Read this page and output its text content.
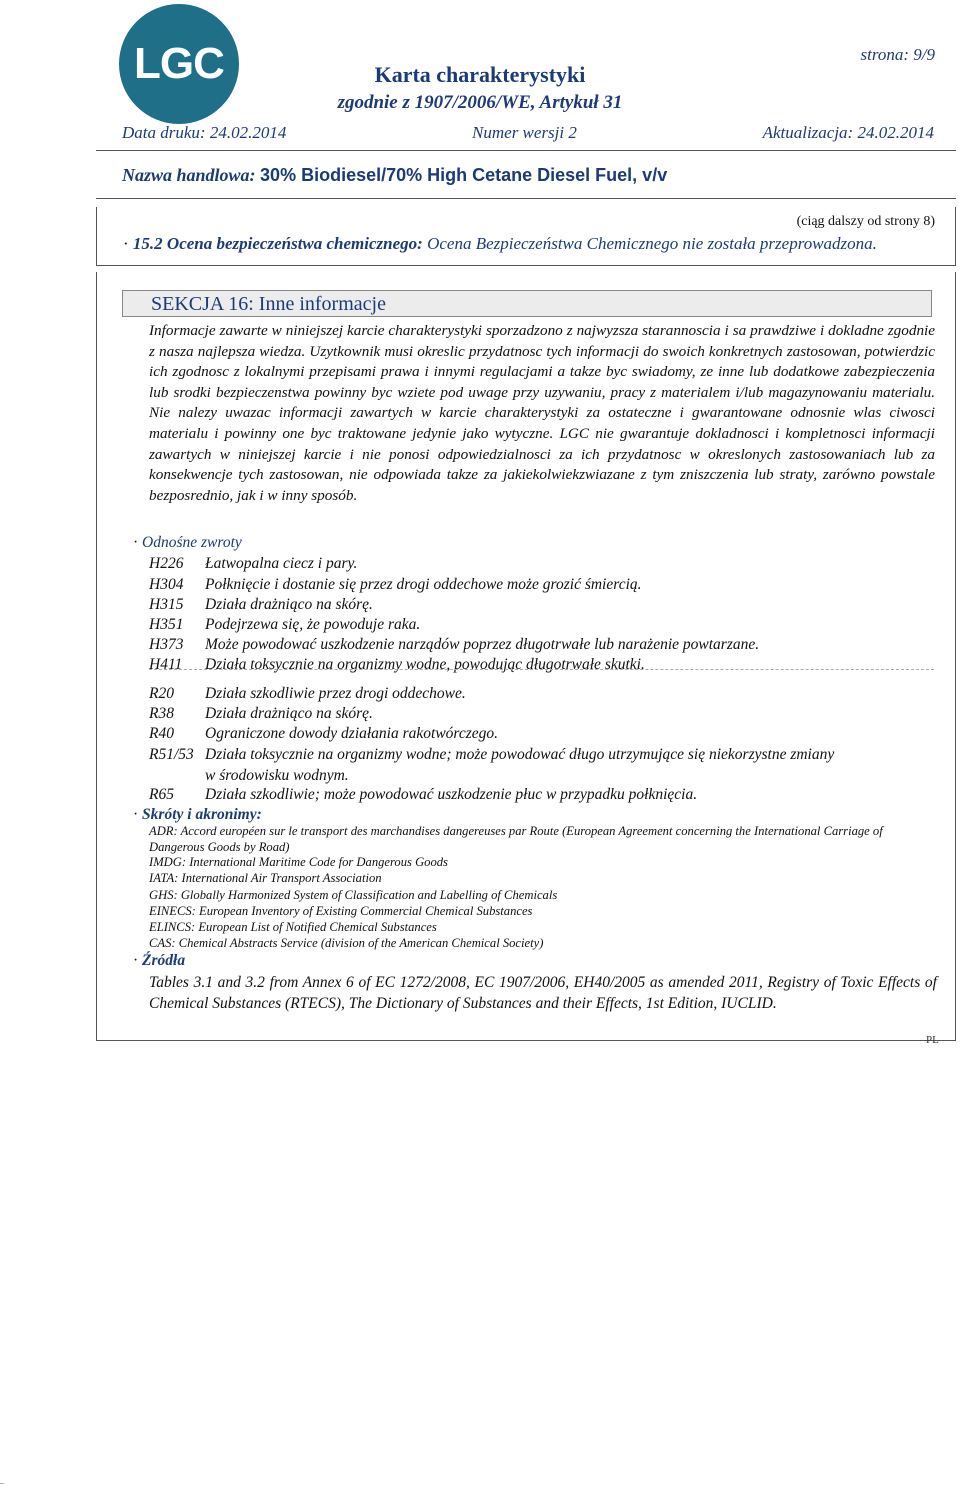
LGC	strona: 9/9
Karta charakterystyki
zgodnie z 1907/2006/WE, Artykuł 31
Data druku: 24.02.2014	Numer wersji 2	Aktualizacja: 24.02.2014
Nazwa handlowa: 30% Biodiesel/70% High Cetane Diesel Fuel, v/v
(ciąg dalszy od strony 8)
· 15.2 Ocena bezpieczeństwa chemicznego: Ocena Bezpieczeństwa Chemicznego nie została przeprowadzona.
SEKCJA 16: Inne informacje
Informacje zawarte w niniejszej karcie charakterystyki sporzadzono z najwyzsza starannoscia i sa prawdziwe i dokladne zgodnie z nasza najlepsza wiedza. Uzytkownik musi okreslic przydatnosc tych informacji do swoich konkretnych zastosowan, potwierdzic ich zgodnosc z lokalnymi przepisami prawa i innymi regulacjami a takze byc swiadomy, ze inne lub dodatkowe zabezpieczenia lub srodki bezpieczenstwa powinny byc wziete pod uwage przy uzywaniu, pracy z materialem i/lub magazynowaniu materialu. Nie nalezy uwazac informacji zawartych w karcie charakterystyki za ostateczne i gwarantowane odnosnie wlas ciwosci materialu i powinny one byc traktowane jedynie jako wytyczne. LGC nie gwarantuje dokladnosci i kompletnosci informacji zawartych w niniejszej karcie i nie ponosi odpowiedzialnosci za ich przydatnosc w okreslonych zastosowaniach lub za konsekwencje tych zastosowan, nie odpowiada takze za jakiekolwiekzwiazane z tym zniszczenia lub straty, zarówno powstale bezposrednio, jak i w inny sposób.
· Odnośne zwroty
H226 Łatwopalna ciecz i pary.
H304 Połknięcie i dostanie się przez drogi oddechowe może grozić śmiercią.
H315 Działa drażniąco na skórę.
H351 Podejrzewa się, że powoduje raka.
H373 Może powodować uszkodzenie narządów poprzez długotrwałe lub narażenie powtarzane.
H411 Działa toksycznie na organizmy wodne, powodując długotrwałe skutki.
R20 Działa szkodliwie przez drogi oddechowe.
R38 Działa drażniąco na skórę.
R40 Ograniczone dowody działania rakotwórczego.
R51/53 Działa toksycznie na organizmy wodne; może powodować długo utrzymujące się niekorzystne zmiany
w środowisku wodnym.
R65 Działa szkodliwie; może powodować uszkodzenie płuc w przypadku połknięcia.
· Skróty i akronimy:
ADR: Accord européen sur le transport des marchandises dangereuses par Route (European Agreement concerning the International Carriage of Dangerous Goods by Road)
IMDG: International Maritime Code for Dangerous Goods
IATA: International Air Transport Association
GHS: Globally Harmonized System of Classification and Labelling of Chemicals
EINECS: European Inventory of Existing Commercial Chemical Substances
ELINCS: European List of Notified Chemical Substances
CAS: Chemical Abstracts Service (division of the American Chemical Society)
· Źródła
Tables 3.1 and 3.2 from Annex 6 of EC 1272/2008, EC 1907/2006, EH40/2005 as amended 2011, Registry of Toxic Effects of Chemical Substances (RTECS), The Dictionary of Substances and their Effects, 1st Edition, IUCLID.
PL
–
